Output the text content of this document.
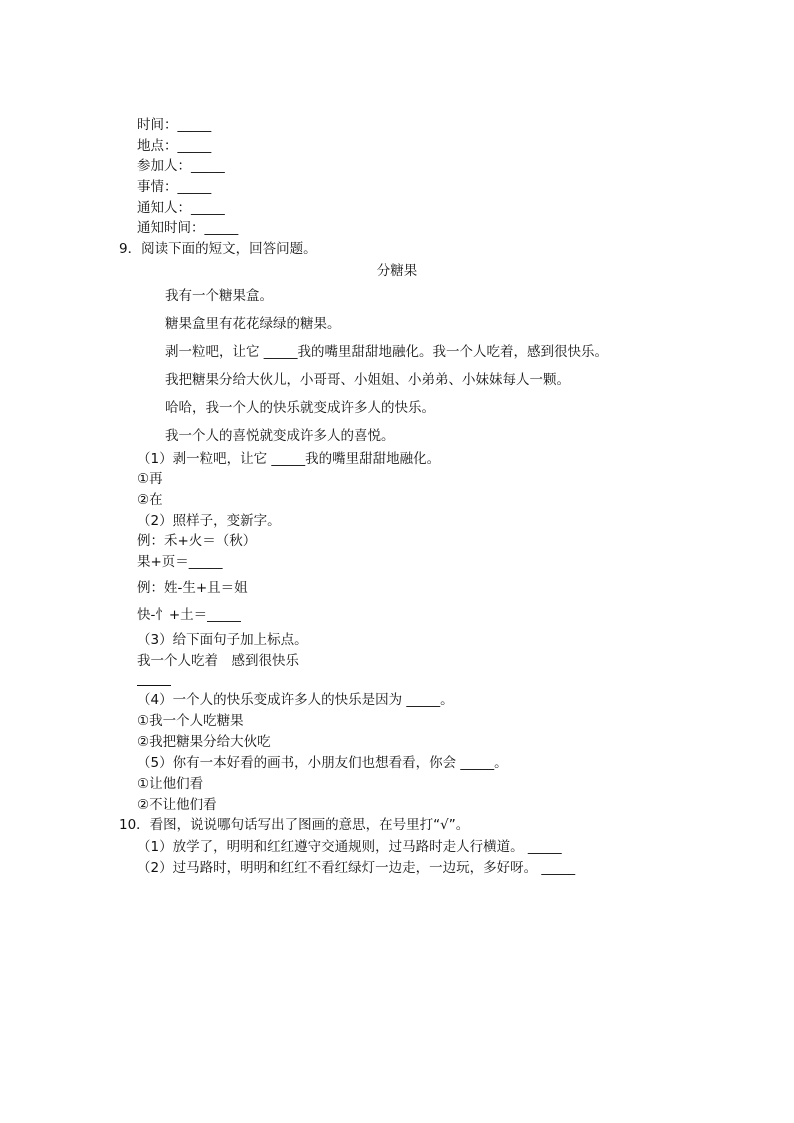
时间：_____
地点：_____
参加人：_____
事情：_____
通知人：_____
通知时间：_____
9．阅读下面的短文，回答问题。
分糖果
我有一个糖果盒。
糖果盒里有花花绿绿的糖果。
剥一粒吧，让它 _____我的嘴里甜甜地融化。我一个人吃着，感到很快乐。
我把糖果分给大伙儿，小哥哥、小姐姐、小弟弟、小妹妹每人一颗。
哈哈，我一个人的快乐就变成许多人的快乐。
我一个人的喜悦就变成许多人的喜悦。
（1）剥一粒吧，让它 _____我的嘴里甜甜地融化。
①再
②在
（2）照样子，变新字。
例：禾+火＝（秋）
果+页＝_____
例：姓-生+且＝姐
快-忄+土＝_____
（3）给下面句子加上标点。
我一个人吃着　感到很快乐
（4）一个人的快乐变成许多人的快乐是因为 _____。
①我一个人吃糖果
②我把糖果分给大伙吃
（5）你有一本好看的画书，小朋友们也想看看，你会 _____。
①让他们看
②不让他们看
10．看图，说说哪句话写出了图画的意思，在号里打“√”。
（1）放学了，明明和红红遵守交通规则，过马路时走人行横道。 _____
（2）过马路时，明明和红红不看红绿灯一边走，一边玩，多好呀。 _____
